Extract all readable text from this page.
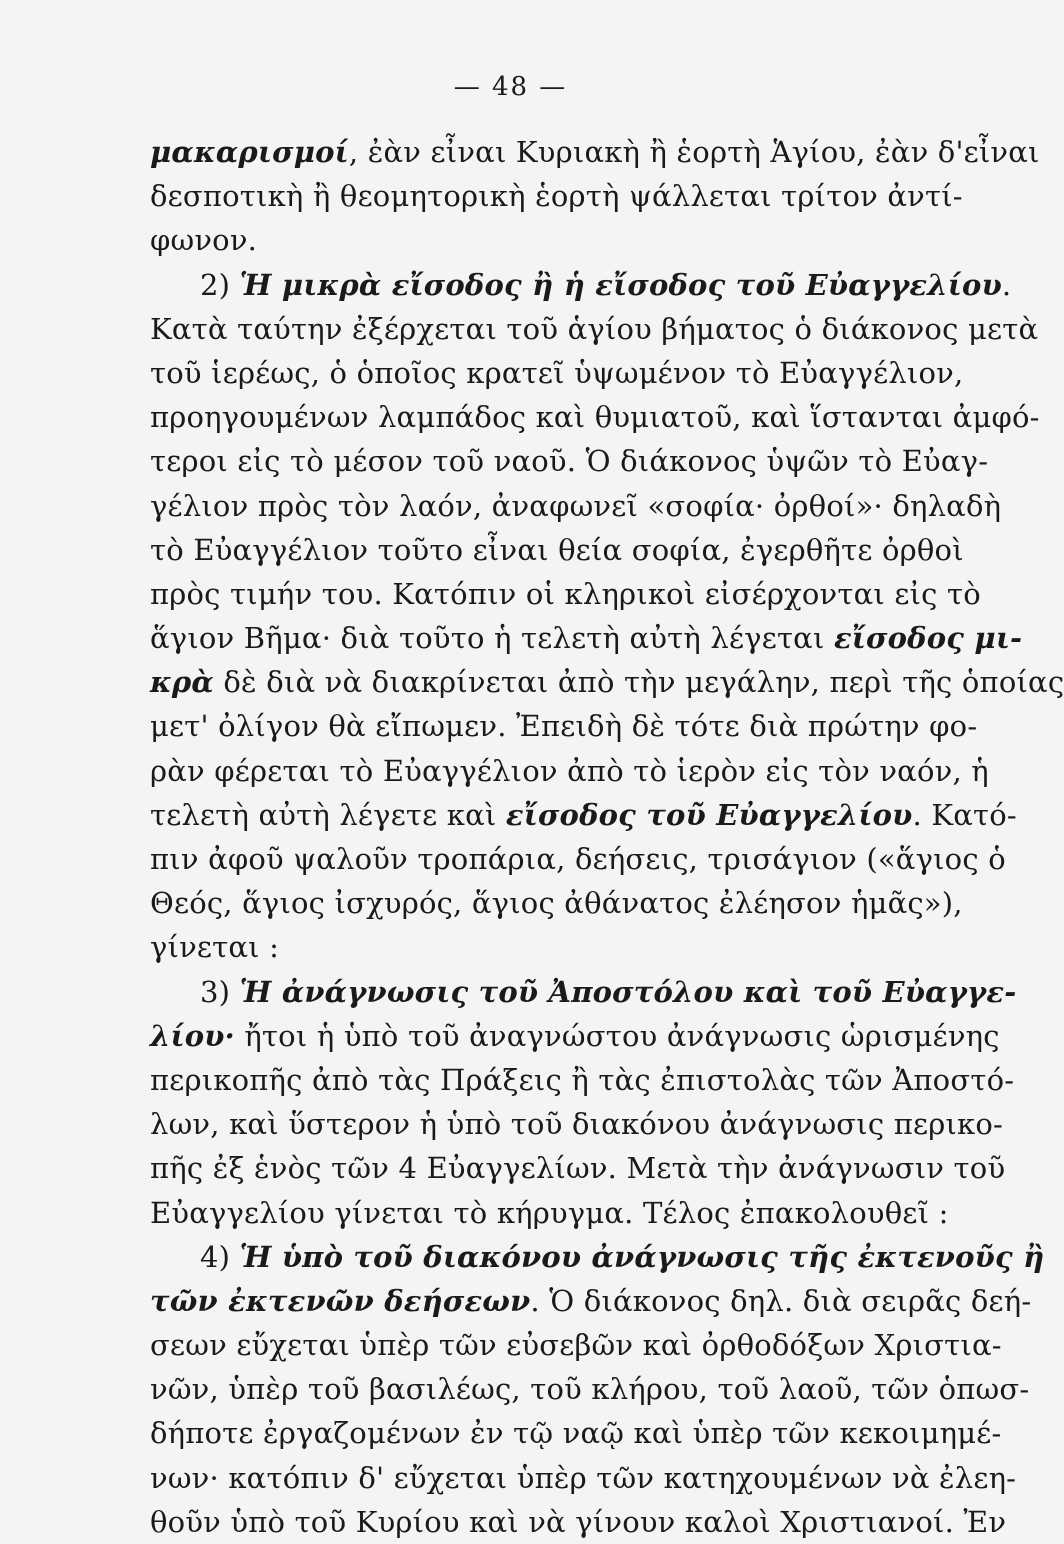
— 48 —
μακαρισμοί, ἐὰν εἶναι Κυριακὴ ἢ ἑορτὴ Ἁγίου, ἐὰν δ'εἶναι
δεσποτικὴ ἢ θεομητορικὴ ἑορτὴ ψάλλεται τρίτον ἀντί-
φωνον.
2) Ἡ μικρὰ εἴσοδος ἢ ἡ εἴσοδος τοῦ Εὐαγγελίου.
Κατὰ ταύτην ἐξέρχεται τοῦ ἁγίου βήματος ὁ διάκονος μετὰ
τοῦ ἱερέως, ὁ ὁποῖος κρατεῖ ὑψωμένον τὸ Εὐαγγέλιον,
προηγουμένων λαμπάδος καὶ θυμιατοῦ, καὶ ἵστανται ἀμφό-
τεροι εἰς τὸ μέσον τοῦ ναοῦ. Ὁ διάκονος ὑψῶν τὸ Εὐαγ-
γέλιον πρὸς τὸν λαόν, ἀναφωνεῖ «σοφία· ὀρθοί»· δηλαδὴ
τὸ Εὐαγγέλιον τοῦτο εἶναι θεία σοφία, ἐγερθῆτε ὀρθοὶ
πρὸς τιμήν του. Κατόπιν οἱ κληρικοὶ εἰσέρχονται εἰς τὸ
ἅγιον Βῆμα· διὰ τοῦτο ἡ τελετὴ αὐτὴ λέγεται εἴσοδος μι-
κρὰ δὲ διὰ νὰ διακρίνεται ἀπὸ τὴν μεγάλην, περὶ τῆς ὁποίας
μετ' ὀλίγον θὰ εἴπωμεν. Ἐπειδὴ δὲ τότε διὰ πρώτην φο-
ρὰν φέρεται τὸ Εὐαγγέλιον ἀπὸ τὸ ἱερὸν εἰς τὸν ναόν, ἡ
τελετὴ αὐτὴ λέγετε καὶ εἴσοδος τοῦ Εὐαγγελίου. Κατό-
πιν ἀφοῦ ψαλοῦν τροπάρια, δεήσεις, τρισάγιον («ἅγιος ὁ
Θεός, ἅγιος ἰσχυρός, ἅγιος ἀθάνατος ἐλέησον ἡμᾶς»),
γίνεται :
3) Ἡ ἀνάγνωσις τοῦ Ἀποστόλου καὶ τοῦ Εὐαγγε-
λίου· ἤτοι ἡ ὑπὸ τοῦ ἀναγνώστου ἀνάγνωσις ὡρισμένης
περικοπῆς ἀπὸ τὰς Πράξεις ἢ τὰς ἐπιστολὰς τῶν Ἀποστό-
λων, καὶ ὕστερον ἡ ὑπὸ τοῦ διακόνου ἀνάγνωσις περικο-
πῆς ἐξ ἑνὸς τῶν 4 Εὐαγγελίων. Μετὰ τὴν ἀνάγνωσιν τοῦ
Εὐαγγελίου γίνεται τὸ κήρυγμα. Τέλος ἐπακολουθεῖ :
4) Ἡ ὑπὸ τοῦ διακόνου ἀνάγνωσις τῆς ἐκτενοῦς ἢ
τῶν ἐκτενῶν δεήσεων. Ὁ διάκονος δηλ. διὰ σειρᾶς δεή-
σεων εὔχεται ὑπὲρ τῶν εὐσεβῶν καὶ ὀρθοδόξων Χριστια-
νῶν, ὑπὲρ τοῦ βασιλέως, τοῦ κλήρου, τοῦ λαοῦ, τῶν ὁπωσ-
δήποτε ἐργαζομένων ἐν τῷ ναῷ καὶ ὑπὲρ τῶν κεκοιμημέ-
νων· κατόπιν δ' εὔχεται ὑπὲρ τῶν κατηχουμένων νὰ ἐλεη-
θοῦν ὑπὸ τοῦ Κυρίου καὶ νὰ γίνουν καλοὶ Χριστιανοί. Ἐν
